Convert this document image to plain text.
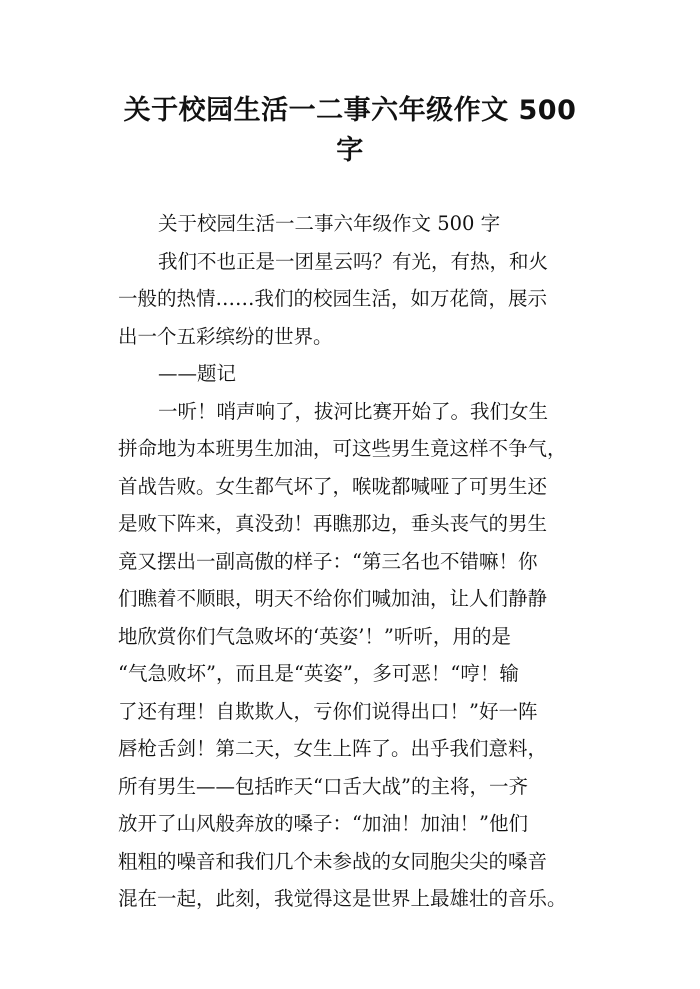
关于校园生活一二事六年级作文 500
字
关于校园生活一二事六年级作文 500 字
我们不也正是一团星云吗？有光，有热，和火
一般的热情……我们的校园生活，如万花筒，展示
出一个五彩缤纷的世界。
——题记
一听！哨声响了，拔河比赛开始了。我们女生
拼命地为本班男生加油，可这些男生竟这样不争气，
首战告败。女生都气坏了，喉咙都喊哑了可男生还
是败下阵来，真没劲！再瞧那边，垂头丧气的男生
竟又摆出一副高傲的样子：“第三名也不错嘛！你
们瞧着不顺眼，明天不给你们喊加油，让人们静静
地欣赏你们气急败坏的‘英姿’！”听听，用的是
“气急败坏”，而且是“英姿”，多可恶！“哼！输
了还有理！自欺欺人，亏你们说得出口！”好一阵
唇枪舌剑！第二天，女生上阵了。出乎我们意料，
所有男生——包括昨天“口舌大战”的主将，一齐
放开了山风般奔放的嗓子：“加油！加油！”他们
粗粗的噪音和我们几个未参战的女同胞尖尖的嗓音
混在一起，此刻，我觉得这是世界上最雄壮的音乐。
